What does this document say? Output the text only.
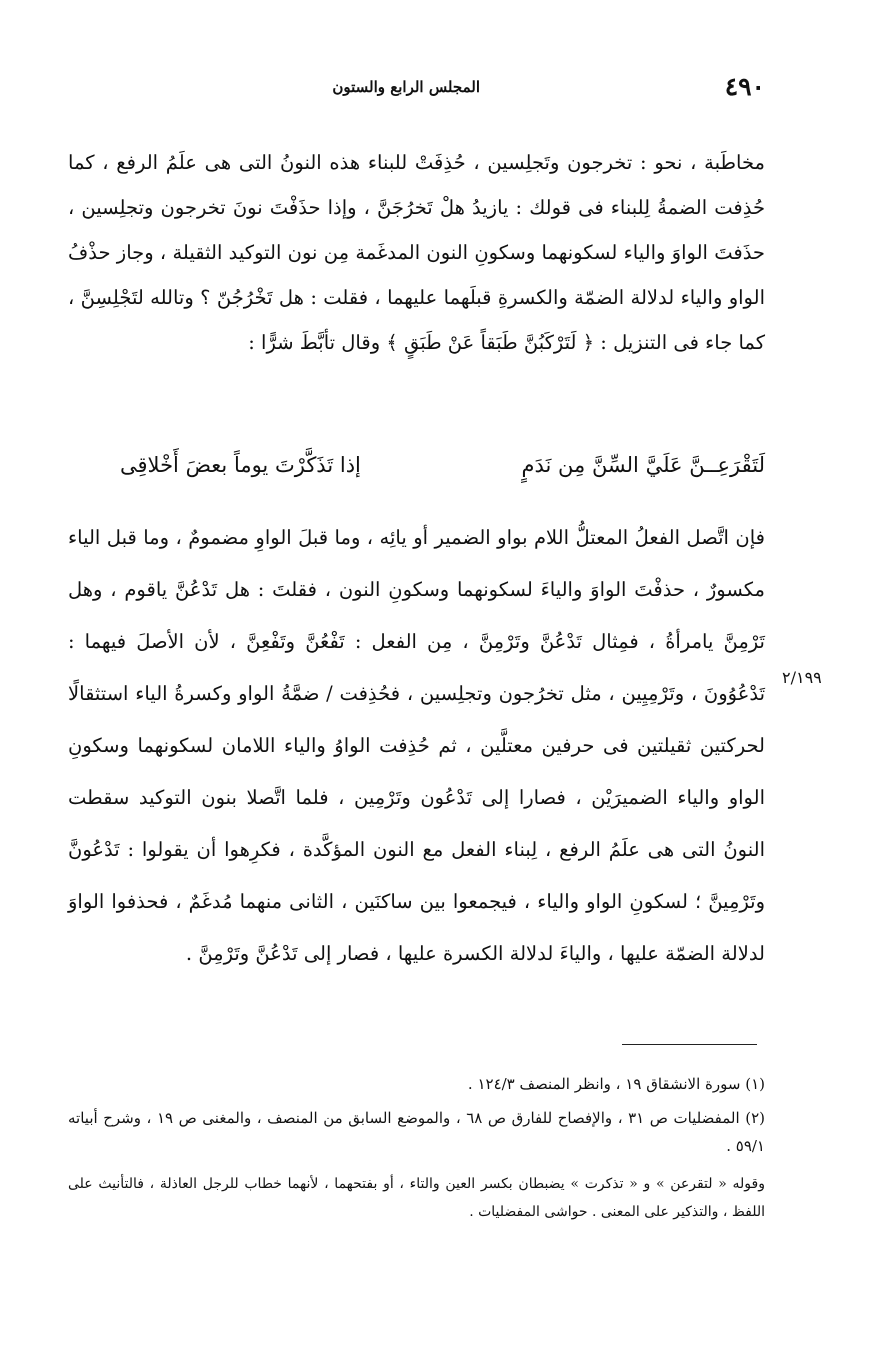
٤٩٠
المجلس الرابع والستون

مخاطَبة ، نحو : تخرجون وتَجلِسين ، حُذِفَتْ للبناء هذه النونُ التى هى علَمُ الرفع ، كما حُذِفت الضمةُ لِلبناء فى قولك : يازيدُ هلْ تَخرُجَنَّ ، وإذا حذَفْتَ نونَ تخرجون وتجلِسين ، حذَفتَ الواوَ والياء لسكونهما وسكونِ النون المدغَمة مِن نون التوكيد الثقيلة ، وجاز حذْفُ الواو والياء لدلالة الضمّة والكسرةِ قبلَهما عليهما ، فقلت : هل تَخْرُجُنّ ؟ وتالله لتَجْلِسِنَّ ، كما جاء فى التنزيل : ﴿ لَتَرْكَبُنَّ طَبَقاً عَنْ طَبَقٍ ﴾ وقال تأبَّطَ شرًّا :

لَتَقْرَعِــنَّ عَلَيَّ السِّنَّ مِن نَدَمٍ
إذا تَذَكَّرْتَ يوماً بعضَ أَخْلاقِى

فإن اتَّصل الفعلُ المعتلُّ اللام بواو الضمير أو يائِه ، وما قبلَ الواوِ مضمومٌ ، وما قبل الياء مكسورٌ ، حذفْتَ الواوَ والياءَ لسكونهما وسكونِ النون ، فقلتَ : هل تَدْعُنَّ ياقوم ، وهل تَرْمِنَّ يامرأةُ ، فمِثال تَدْعُنَّ وتَرْمِنَّ ، مِن الفعل : تَفْعُنَّ وتَفْعِنَّ ، لأن الأصلَ فيهما : تَدْعُوُونَ ، وتَرْمِيِين ، مثل تخرُجون وتجلِسين ، فحُذِفت / ضمَّةُ الواو وكسرةُ الياء استثقالًا لحركتين ثقيلتين فى حرفين معتلَّين ، ثم حُذِفت الواوُ والياء اللامان لسكونهما وسكونِ الواو والياء الضميرَيْن ، فصارا إلى تَدْعُون وتَرْمِين ، فلما اتَّصلا بنون التوكيد سقطت النونُ التى هى علَمُ الرفع ، لِبناء الفعل مع النون المؤكَّدة ، فكرِهوا أن يقولوا : تَدْعُونَّ وتَرْمِينَّ ؛ لسكونِ الواو والياء ، فيجمعوا بين ساكنَين ، الثانى منهما مُدغَمٌ ، فحذفوا الواوَ لدلالة الضمّة عليها ، والياءَ لدلالة الكسرة عليها ، فصار إلى تَدْعُنَّ وتَرْمِنَّ .

٢/١٩٩

(١) سورة الانشقاق ١٩ ، وانظر المنصف ١٢٤/٣ .

(٢) المفضليات ص ٣١ ، والإفصاح للفارق ص ٦٨ ، والموضع السابق من المنصف ، والمغنى ص ١٩ ، وشرح أبياته ٥٩/١ .

وقوله « لتقرعن » و « تذكرت » يضبطان بكسر العين والتاء ، أو بفتحهما ، لأنهما خطاب للرجل العاذلة ، فالتأنيث على اللفظ ، والتذكير على المعنى . حواشى المفضليات .
